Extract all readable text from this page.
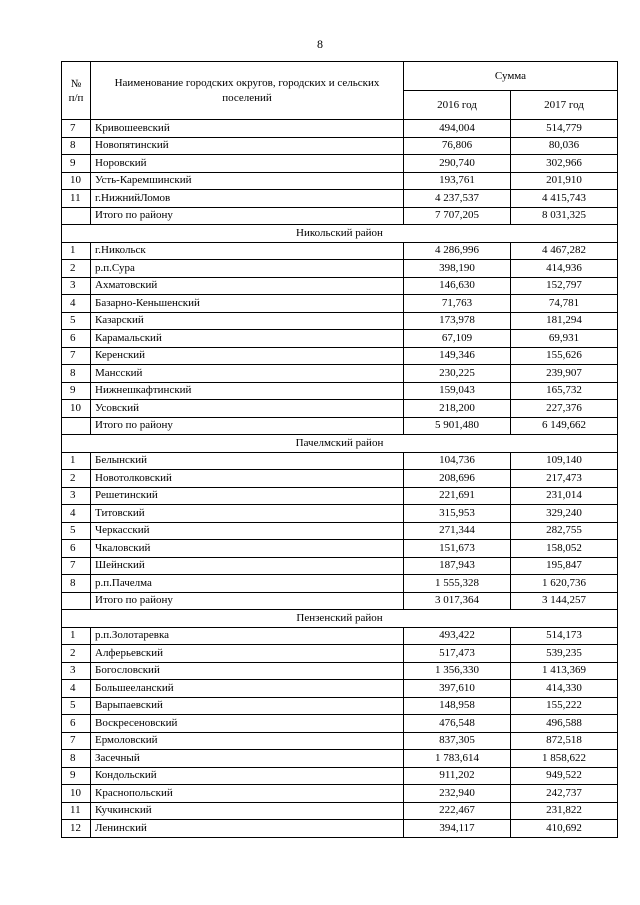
8
№
п/п	Наименование городских округов, городских и сельских поселений	Сумма	
		2016 год	2017 год
7	Кривошеевский	494,004	514,779
8	Новопятинский	76,806	80,036
9	Норовский	290,740	302,966
10	Усть-Каремшинский	193,761	201,910
11	г.НижнийЛомов	4 237,537	4 415,743
	Итого по району	7 707,205	8 031,325
Никольский район			
1	г.Никольск	4 286,996	4 467,282
2	р.п.Сура	398,190	414,936
3	Ахматовский	146,630	152,797
4	Базарно-Кеньшенский	71,763	74,781
5	Казарский	173,978	181,294
6	Карамальский	67,109	69,931
7	Керенский	149,346	155,626
8	Мансский	230,225	239,907
9	Нижнешкафтинский	159,043	165,732
10	Усовский	218,200	227,376
	Итого по району	5 901,480	6 149,662
Пачелмский район			
1	Белынский	104,736	109,140
2	Новотолковский	208,696	217,473
3	Решетинский	221,691	231,014
4	Титовский	315,953	329,240
5	Черкасский	271,344	282,755
6	Чкаловский	151,673	158,052
7	Шейнский	187,943	195,847
8	р.п.Пачелма	1 555,328	1 620,736
	Итого по району	3 017,364	3 144,257
Пензенский район			
1	р.п.Золотаревка	493,422	514,173
2	Алферьевский	517,473	539,235
3	Богословский	1 356,330	1 413,369
4	Большееланский	397,610	414,330
5	Варыпаевский	148,958	155,222
6	Воскресеновский	476,548	496,588
7	Ермоловский	837,305	872,518
8	Засечный	1 783,614	1 858,622
9	Кондольский	911,202	949,522
10	Краснопольский	232,940	242,737
11	Кучкинский	222,467	231,822
12	Ленинский	394,117	410,692
